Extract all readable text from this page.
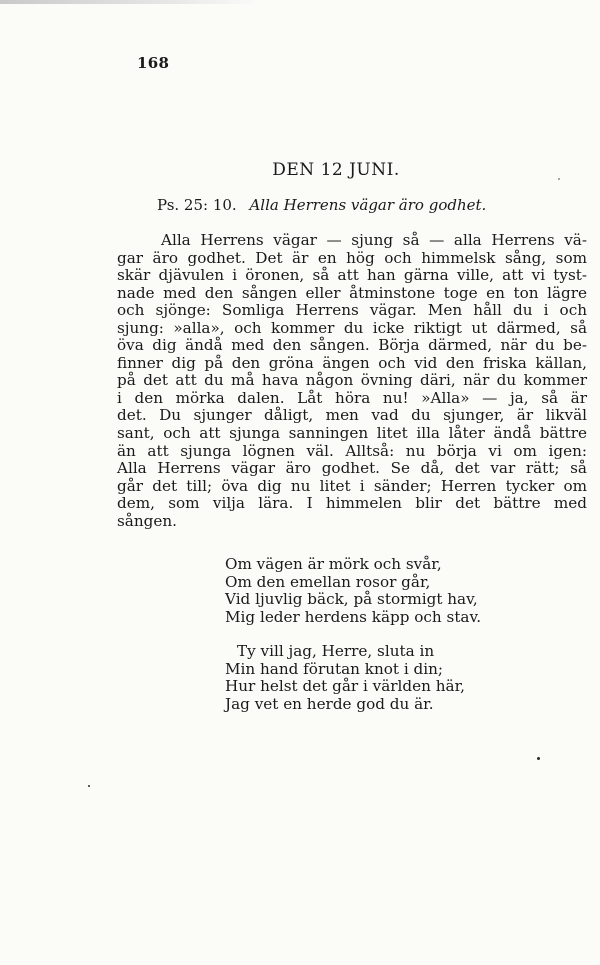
168
DEN 12 JUNI.
Ps. 25: 10. Alla Herrens vägar äro godhet.
Alla Herrens vägar — sjung så — alla Herrens vä-
gar äro godhet. Det är en hög och himmelsk sång, som
skär djävulen i öronen, så att han gärna ville, att vi tyst-
nade med den sången eller åtminstone toge en ton lägre
och sjönge: Somliga Herrens vägar. Men håll du i och
sjung: »alla», och kommer du icke riktigt ut därmed, så
öva dig ändå med den sången. Börja därmed, när du be-
finner dig på den gröna ängen och vid den friska källan,
på det att du må hava någon övning däri, när du kommer
i den mörka dalen. Låt höra nu! »Alla» — ja, så är
det. Du sjunger dåligt, men vad du sjunger, är likväl
sant, och att sjunga sanningen litet illa låter ändå bättre
än att sjunga lögnen väl. Alltså: nu börja vi om igen:
Alla Herrens vägar äro godhet. Se då, det var rätt; så
går det till; öva dig nu litet i sänder; Herren tycker om
dem, som vilja lära. I himmelen blir det bättre med
sången.
Om vägen är mörk och svår,
Om den emellan rosor går,
Vid ljuvlig bäck, på stormigt hav,
Mig leder herdens käpp och stav.
Ty vill jag, Herre, sluta in
Min hand förutan knot i din;
Hur helst det går i världen här,
Jag vet en herde god du är.
